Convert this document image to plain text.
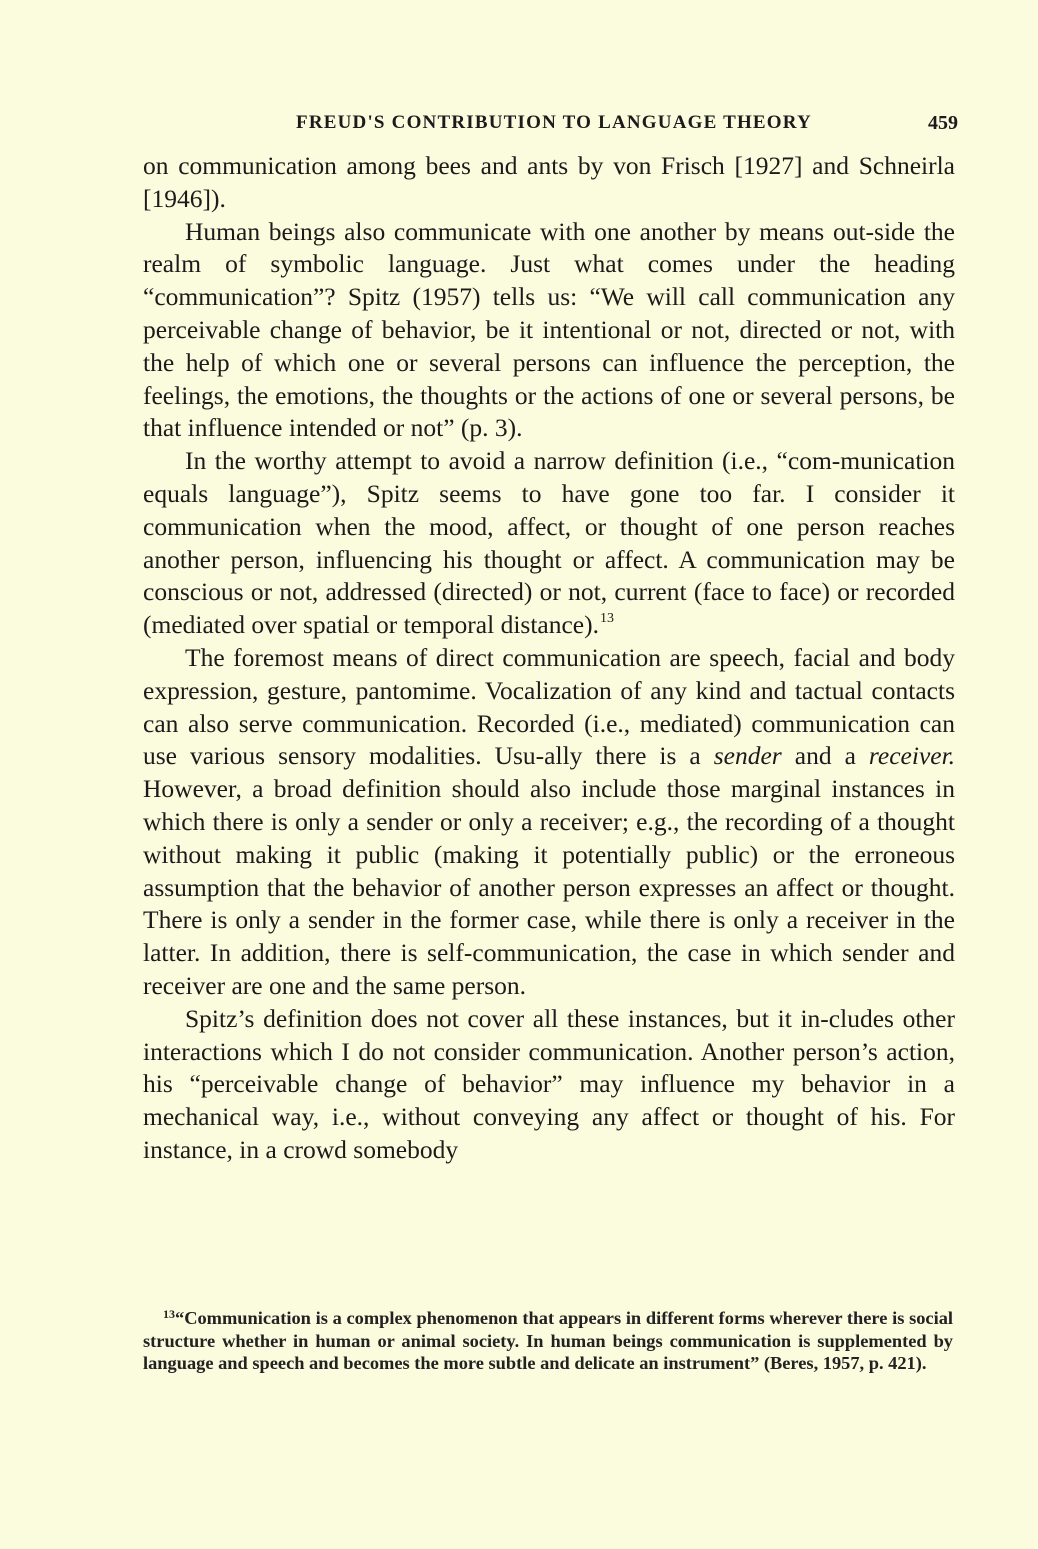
FREUD'S CONTRIBUTION TO LANGUAGE THEORY	459

on communication among bees and ants by von Frisch [1927] and Schneirla [1946]).

Human beings also communicate with one another by means out-side the realm of symbolic language. Just what comes under the heading “communication”? Spitz (1957) tells us: “We will call communication any perceivable change of behavior, be it intentional or not, directed or not, with the help of which one or several persons can influence the perception, the feelings, the emotions, the thoughts or the actions of one or several persons, be that influence intended or not” (p. 3).

In the worthy attempt to avoid a narrow definition (i.e., “com-munication equals language”), Spitz seems to have gone too far. I consider it communication when the mood, affect, or thought of one person reaches another person, influencing his thought or affect. A communication may be conscious or not, addressed (directed) or not, current (face to face) or recorded (mediated over spatial or temporal distance).$^{13}$

The foremost means of direct communication are speech, facial and body expression, gesture, pantomime. Vocalization of any kind and tactual contacts can also serve communication. Recorded (i.e., mediated) communication can use various sensory modalities. Usu-ally there is a sender and a receiver. However, a broad definition should also include those marginal instances in which there is only a sender or only a receiver; e.g., the recording of a thought without making it public (making it potentially public) or the erroneous assumption that the behavior of another person expresses an affect or thought. There is only a sender in the former case, while there is only a receiver in the latter. In addition, there is self-communication, the case in which sender and receiver are one and the same person.

Spitz’s definition does not cover all these instances, but it in-cludes other interactions which I do not consider communication. Another person’s action, his “perceivable change of behavior” may influence my behavior in a mechanical way, i.e., without conveying any affect or thought of his. For instance, in a crowd somebody

$^{13}$“Communication is a complex phenomenon that appears in different forms wherever there is social structure whether in human or animal society. In human beings communication is supplemented by language and speech and becomes the more subtle and delicate an instrument” (Beres, 1957, p. 421).
